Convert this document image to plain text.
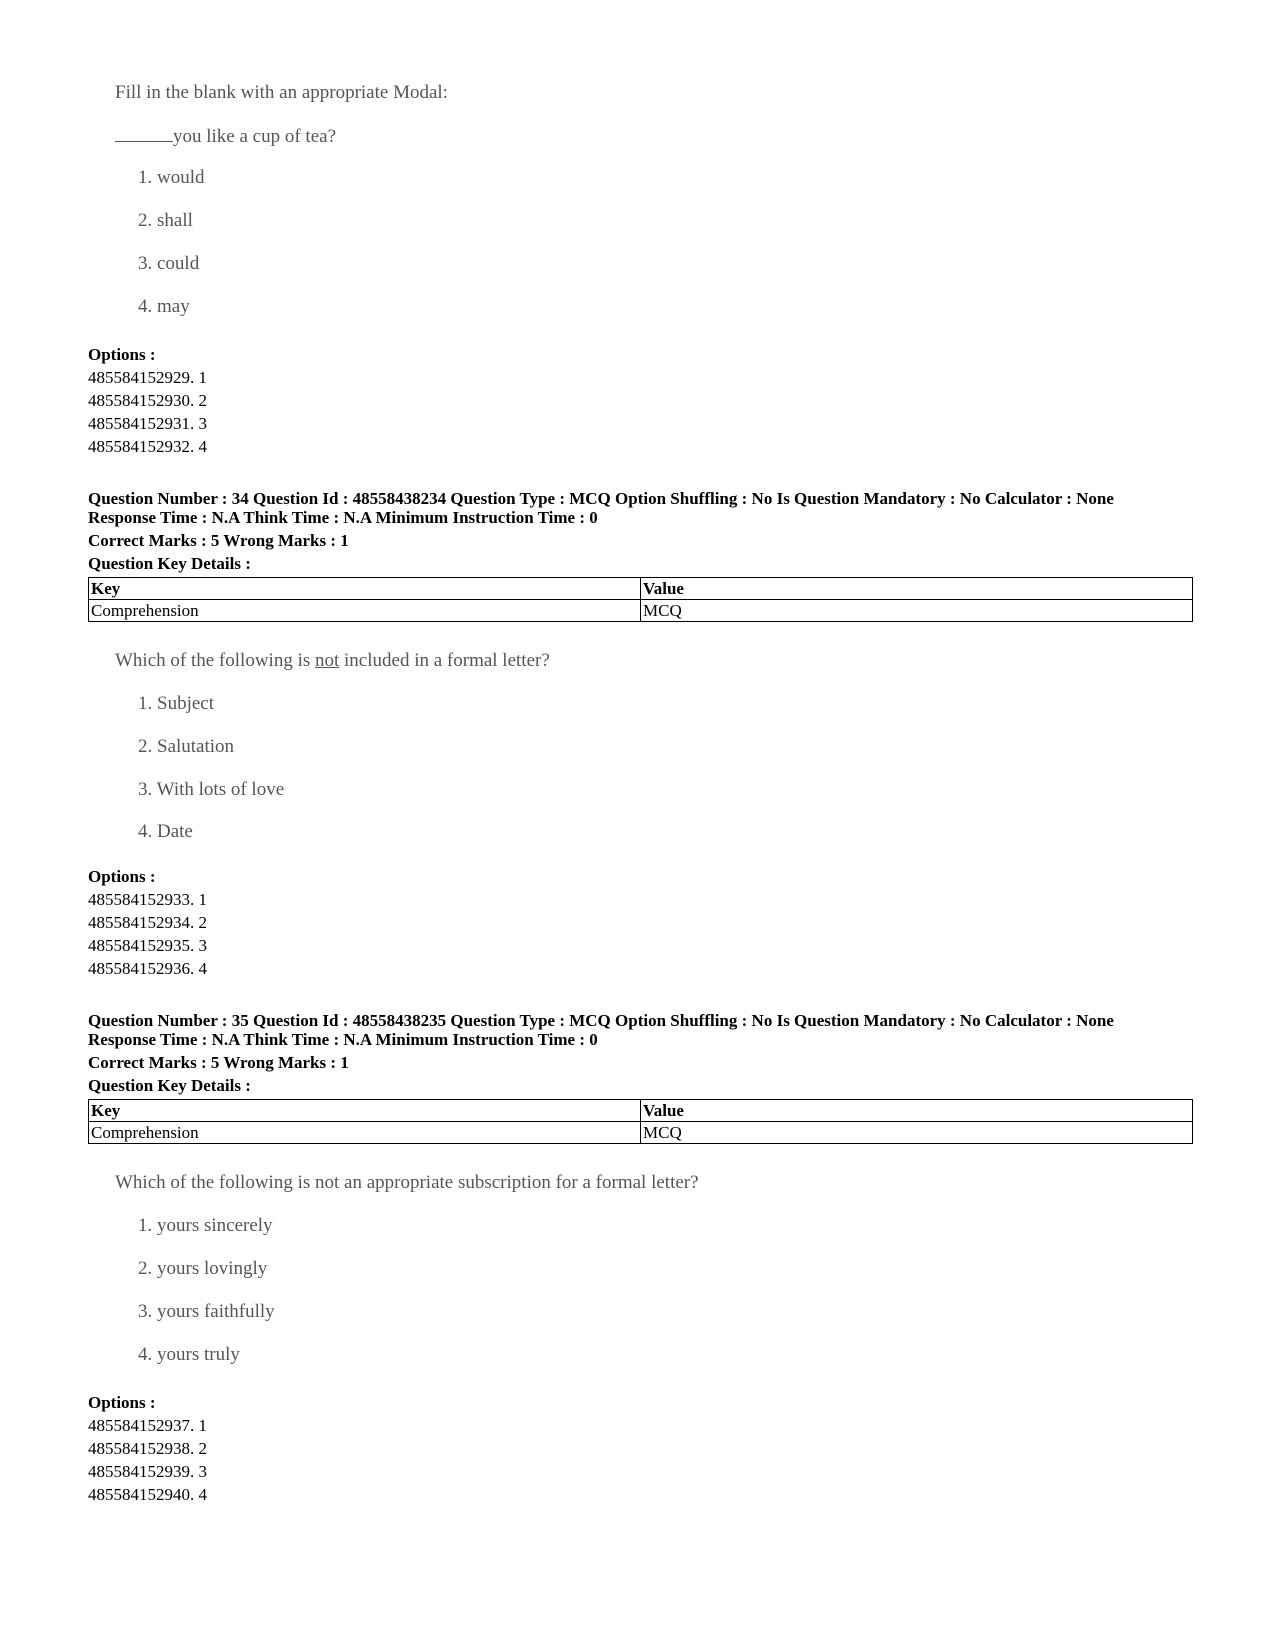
Fill in the blank with an appropriate Modal:
you like a cup of tea?
1. would
2. shall
3. could
4. may
Options :
485584152929. 1
485584152930. 2
485584152931. 3
485584152932. 4
Question Number : 34 Question Id : 48558438234 Question Type : MCQ Option Shuffling : No Is Question Mandatory : No Calculator : None
Response Time : N.A Think Time : N.A Minimum Instruction Time : 0
Correct Marks : 5 Wrong Marks : 1
Question Key Details :
Key	Value
Comprehension	MCQ
Which of the following is not included in a formal letter?
1. Subject
2. Salutation
3. With lots of love
4. Date
Options :
485584152933. 1
485584152934. 2
485584152935. 3
485584152936. 4
Question Number : 35 Question Id : 48558438235 Question Type : MCQ Option Shuffling : No Is Question Mandatory : No Calculator : None
Response Time : N.A Think Time : N.A Minimum Instruction Time : 0
Correct Marks : 5 Wrong Marks : 1
Question Key Details :
Key	Value
Comprehension	MCQ
Which of the following is not an appropriate subscription for a formal letter?
1. yours sincerely
2. yours lovingly
3. yours faithfully
4. yours truly
Options :
485584152937. 1
485584152938. 2
485584152939. 3
485584152940. 4
